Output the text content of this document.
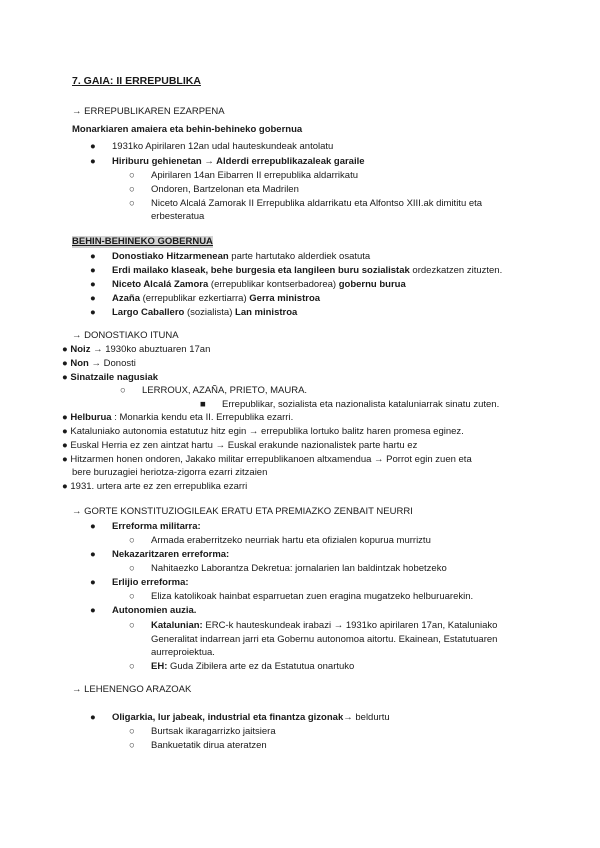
7. GAIA: II ERREPUBLIKA
→ ERREPUBLIKAREN EZARPENA
Monarkiaren amaiera eta behin-behineko gobernua
● 1931ko Apirilaren 12an udal hauteskundeak antolatu
● Hiriburu gehienetan → Alderdi errepublikazaleak garaile
○ Apirilaren 14an Eibarren II errepublika aldarrikatu
○ Ondoren, Bartzelonan eta Madrilen
○ Niceto Alcalá Zamorak II Errepublika aldarrikatu eta Alfontso XIII.ak dimititu eta
erbesteratua
BEHIN-BEHINEKO GOBERNUA
● Donostiako Hitzarmenean parte hartutako alderdiek osatuta
● Erdi mailako klaseak, behe burgesia eta langileen buru sozialistak ordezkatzen zituzten.
● Niceto Alcalá Zamora (errepublikar kontserbadorea) gobernu burua
● Azaña (errepublikar ezkertiarra) Gerra ministroa
● Largo Caballero (sozialista) Lan ministroa
→ DONOSTIAKO ITUNA
● Noiz → 1930ko abuztuaren 17an
● Non → Donosti
● Sinatzaile nagusiak
○ LERROUX, AZAÑA, PRIETO, MAURA.
■ Errepublikar, sozialista eta nazionalista kataluniarrak sinatu zuten.
● Helburua : Monarkia kendu eta II. Errepublika ezarri.
● Kataluniako autonomia estatutuz hitz egin → errepublika lortuko balitz haren promesa eginez.
● Euskal Herria ez zen aintzat hartu → Euskal erakunde nazionalistek parte hartu ez
● Hitzarmen honen ondoren, Jakako militar errepublikanoen altxamendua → Porrot egin zuen eta
bere buruzagiei heriotza-zigorra ezarri zitzaien
● 1931. urtera arte ez zen errepublika ezarri
→ GORTE KONSTITUZIOGILEAK ERATU ETA PREMIAZKO ZENBAIT NEURRI
● Erreforma militarra:
○ Armada eraberritzeko neurriak hartu eta ofizialen kopurua murriztu
● Nekazaritzaren erreforma:
○ Nahitaezko Laborantza Dekretua: jornalarien lan baldintzak hobetzeko
● Erlijio erreforma:
○ Eliza katolikoak hainbat esparruetan zuen eragina mugatzeko helburuarekin.
● Autonomien auzia.
○ Katalunian: ERC-k hauteskundeak irabazi → 1931ko apirilaren 17an, Kataluniako
Generalitat indarrean jarri eta Gobernu autonomoa aitortu. Ekainean, Estatutuaren
aurreproiektua.
○ EH: Guda Zibilera arte ez da Estatutua onartuko
→ LEHENENGO ARAZOAK
● Oligarkia, lur jabeak, industrial eta finantza gizonak→ beldurtu
○ Burtsak ikaragarrizko jaitsiera
○ Bankuetatik dirua ateratzen
